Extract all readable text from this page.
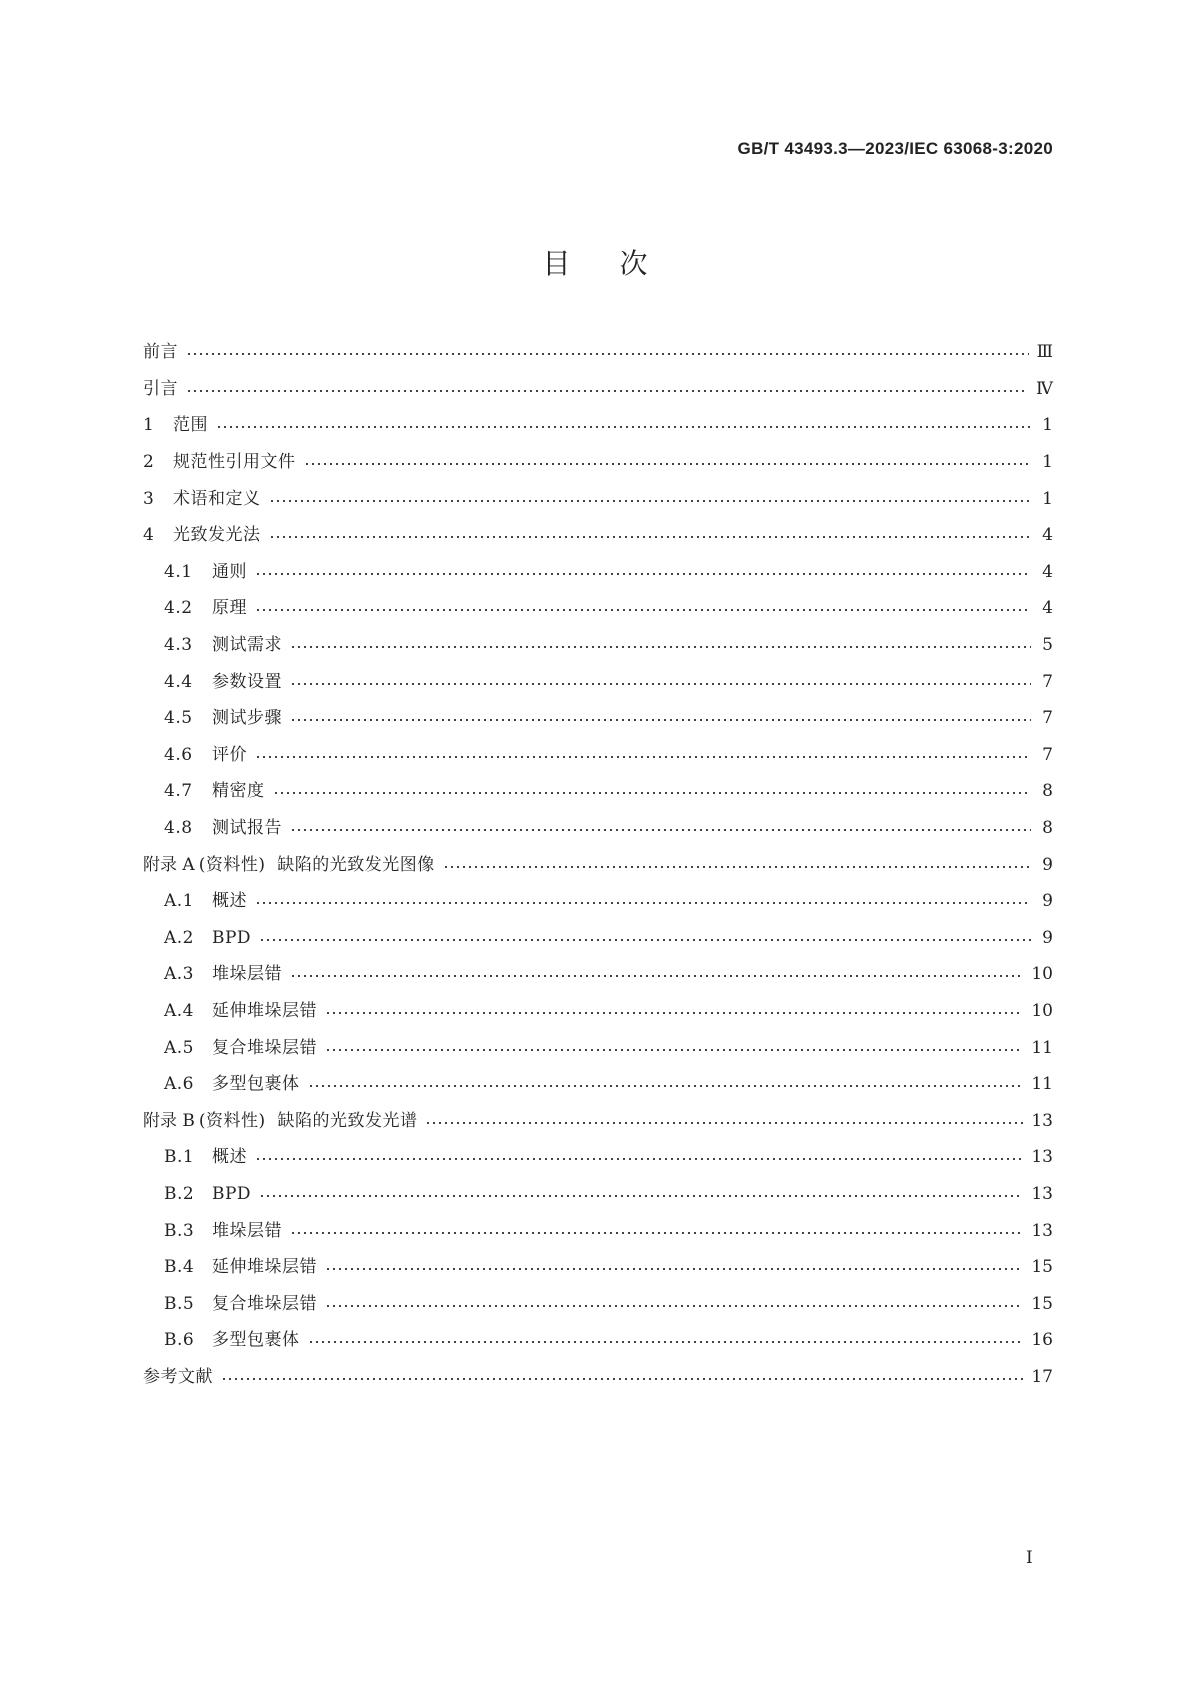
GB/T 43493.3—2023/IEC 63068-3:2020
目 次
前言	Ⅲ
引言	Ⅳ
1	范围	1
2	规范性引用文件	1
3	术语和定义	1
4	光致发光法	4
4.1	通则	4
4.2	原理	4
4.3	测试需求	5
4.4	参数设置	7
4.5	测试步骤	7
4.6	评价	7
4.7	精密度	8
4.8	测试报告	8
附录 A (资料性)  缺陷的光致发光图像	9
A.1	概述	9
A.2	BPD	9
A.3	堆垛层错	10
A.4	延伸堆垛层错	10
A.5	复合堆垛层错	11
A.6	多型包裹体	11
附录 B (资料性)  缺陷的光致发光谱	13
B.1	概述	13
B.2	BPD	13
B.3	堆垛层错	13
B.4	延伸堆垛层错	15
B.5	复合堆垛层错	15
B.6	多型包裹体	16
参考文献	17
I
